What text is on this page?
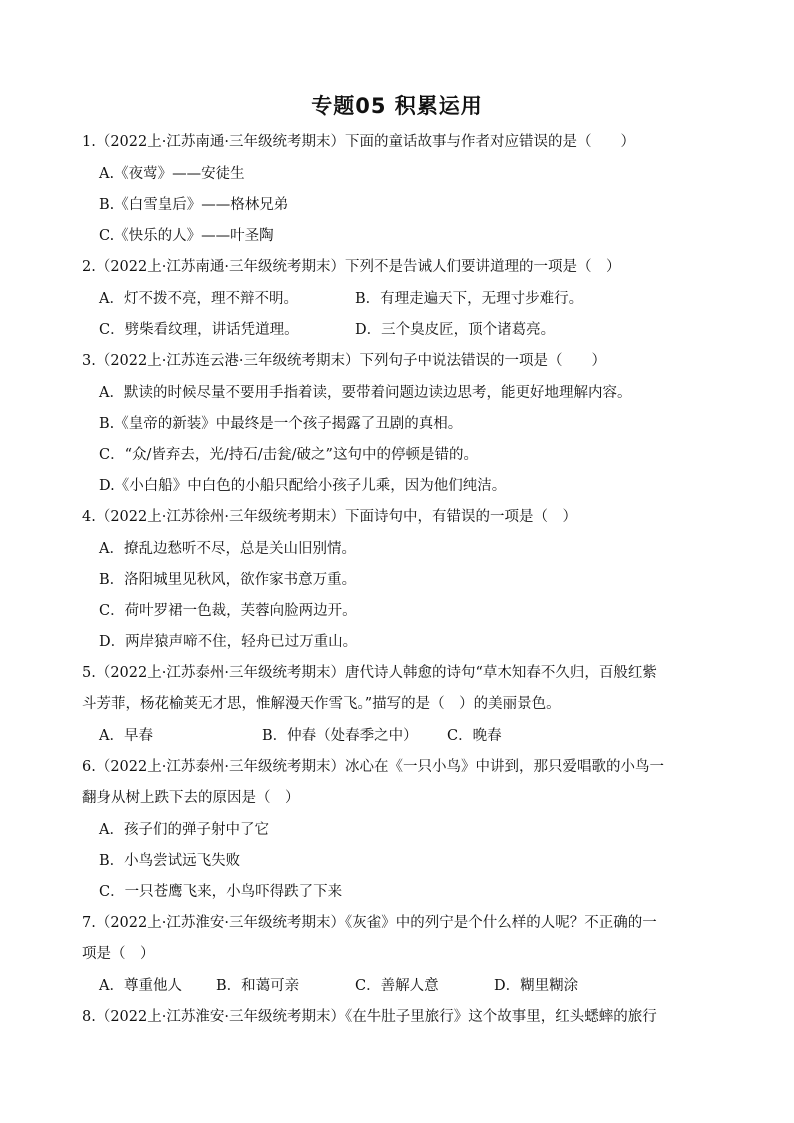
专题05 积累运用
1.（2022上·江苏南通·三年级统考期末）下面的童话故事与作者对应错误的是（　　）
A.《夜莺》——安徒生
B.《白雪皇后》——格林兄弟
C.《快乐的人》——叶圣陶
2.（2022上·江苏南通·三年级统考期末）下列不是告诫人们要讲道理的一项是（　）
A．灯不拨不亮，理不辩不明。	B．有理走遍天下，无理寸步难行。
C．劈柴看纹理，讲话凭道理。	D．三个臭皮匠，顶个诸葛亮。
3.（2022上·江苏连云港·三年级统考期末）下列句子中说法错误的一项是（　　）
A．默读的时候尽量不要用手指着读，要带着问题边读边思考，能更好地理解内容。
B.《皇帝的新装》中最终是一个孩子揭露了丑剧的真相。
C．“众/皆弃去，光/持石/击瓮/破之”这句中的停顿是错的。
D.《小白船》中白色的小船只配给小孩子儿乘，因为他们纯洁。
4.（2022上·江苏徐州·三年级统考期末）下面诗句中，有错误的一项是（　）
A．撩乱边愁听不尽，总是关山旧别情。
B．洛阳城里见秋风，欲作家书意万重。
C．荷叶罗裙一色裁，芙蓉向脸两边开。
D．两岸猿声啼不住，轻舟已过万重山。
5.（2022上·江苏泰州·三年级统考期末）唐代诗人韩愈的诗句“草木知春不久归，百般红紫
斗芳菲，杨花榆荚无才思，惟解漫天作雪飞。”描写的是（　）的美丽景色。
A．早春	B．仲春（处春季之中） C．晚春
6.（2022上·江苏泰州·三年级统考期末）冰心在《一只小鸟》中讲到，那只爱唱歌的小鸟一
翻身从树上跌下去的原因是（　）
A．孩子们的弹子射中了它
B．小鸟尝试远飞失败
C．一只苍鹰飞来，小鸟吓得跌了下来
7.（2022上·江苏淮安·三年级统考期末）《灰雀》中的列宁是个什么样的人呢？不正确的一
项是（　）
A．尊重他人 B．和蔼可亲	C．善解人意	D．糊里糊涂
8.（2022上·江苏淮安·三年级统考期末）《在牛肚子里旅行》这个故事里，红头蟋蟀的旅行
